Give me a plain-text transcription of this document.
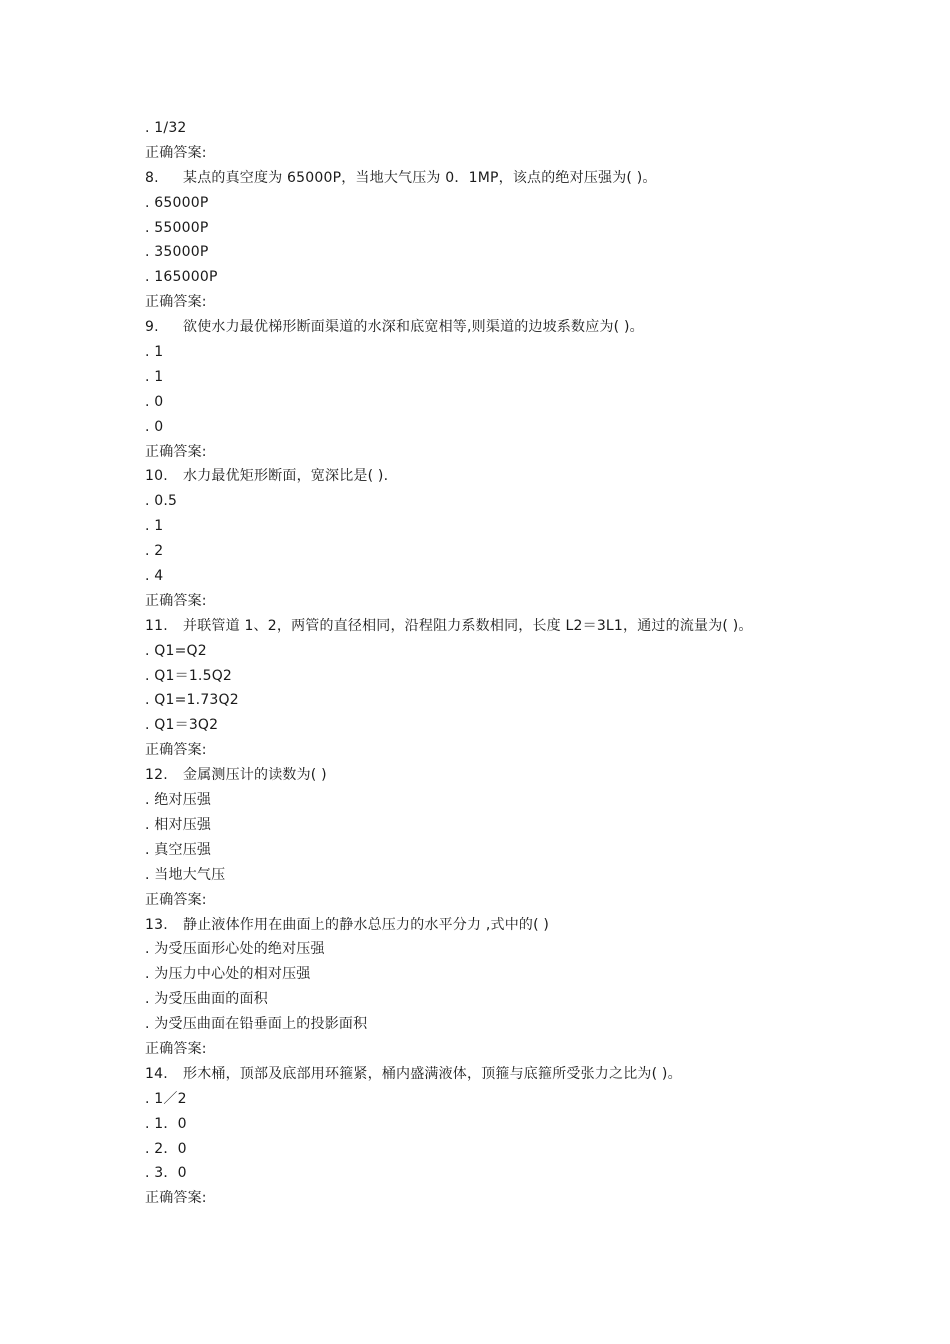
. 1/32
正确答案:
8. 某点的真空度为 65000P，当地大气压为 0．1MP，该点的绝对压强为( )。
. 65000P
. 55000P
. 35000P
. 165000P
正确答案:
9. 欲使水力最优梯形断面渠道的水深和底宽相等,则渠道的边坡系数应为( )。
. 1
. 1
. 0
. 0
正确答案:
10. 水力最优矩形断面，宽深比是( ).
. 0.5
. 1
. 2
. 4
正确答案:
11. 并联管道 1、2，两管的直径相同，沿程阻力系数相同，长度 L2＝3L1，通过的流量为( )。
. Q1=Q2
. Q1＝1.5Q2
. Q1=1.73Q2
. Q1＝3Q2
正确答案:
12. 金属测压计的读数为( )
. 绝对压强
. 相对压强
. 真空压强
. 当地大气压
正确答案:
13. 静止液体作用在曲面上的静水总压力的水平分力 ,式中的( )
. 为受压面形心处的绝对压强
. 为压力中心处的相对压强
. 为受压曲面的面积
. 为受压曲面在铅垂面上的投影面积
正确答案:
14. 形木桶，顶部及底部用环箍紧，桶内盛满液体，顶箍与底箍所受张力之比为( )。
. 1／2
. 1．0
. 2．0
. 3．0
正确答案:
